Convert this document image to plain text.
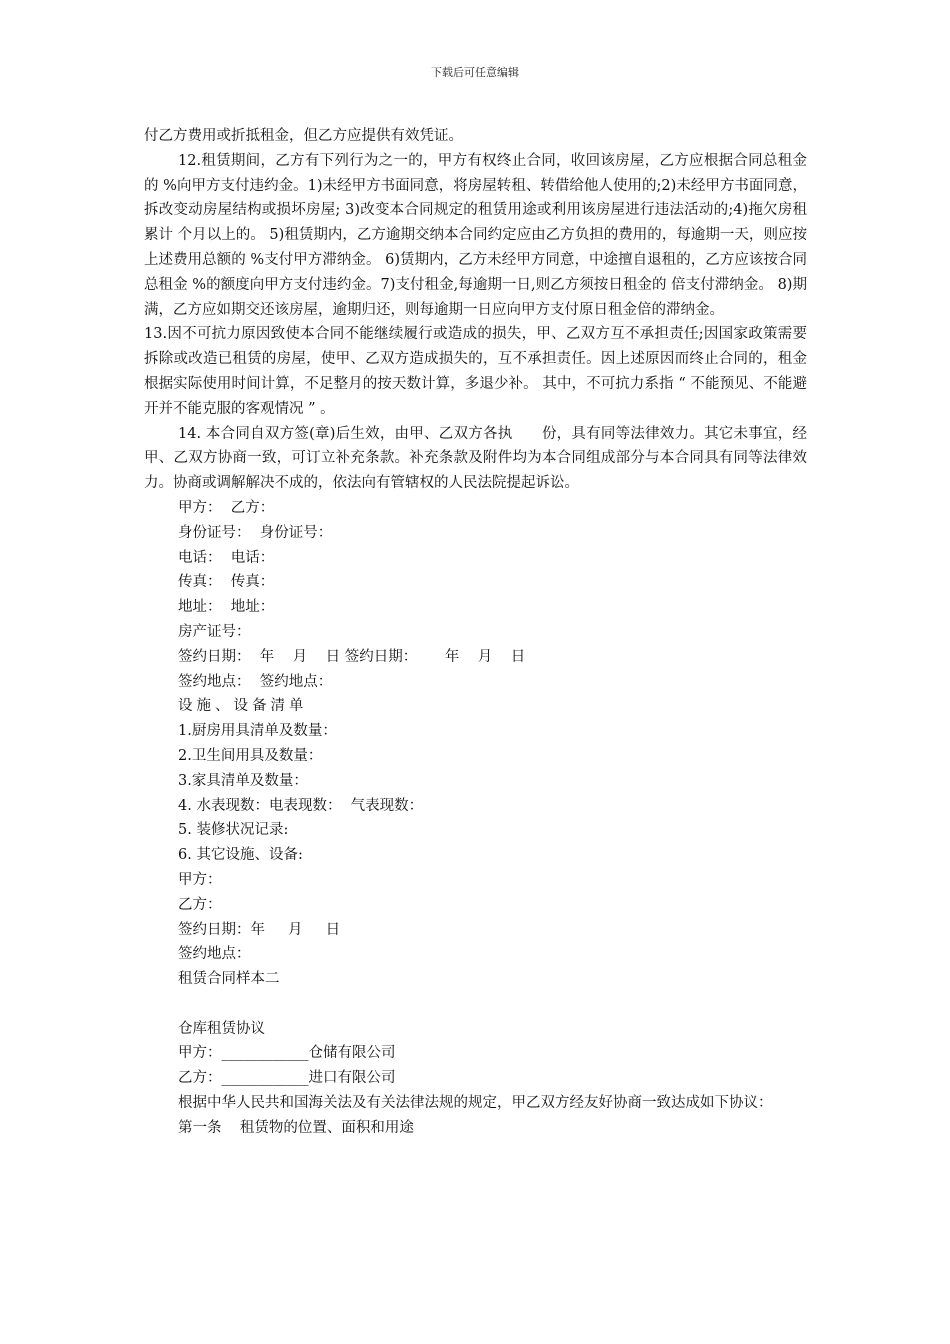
下载后可任意编辑

付乙方费用或折抵租金，但乙方应提供有效凭证。

12.租赁期间，乙方有下列行为之一的，甲方有权终止合同，收回该房屋，乙方应根据合同总租金的 %向甲方支付违约金。1)未经甲方书面同意，将房屋转租、转借给他人使用的;2)未经甲方书面同意，拆改变动房屋结构或损坏房屋; 3)改变本合同规定的租赁用途或利用该房屋进行违法活动的;4)拖欠房租累计 个月以上的。 5)租赁期内，乙方逾期交纳本合同约定应由乙方负担的费用的，每逾期一天，则应按上述费用总额的 %支付甲方滞纳金。 6)赁期内，乙方未经甲方同意，中途擅自退租的，乙方应该按合同总租金 %的额度向甲方支付违约金。7)支付租金,每逾期一日,则乙方须按日租金的 倍支付滞纳金。 8)期满，乙方应如期交还该房屋，逾期归还，则每逾期一日应向甲方支付原日租金倍的滞纳金。

13.因不可抗力原因致使本合同不能继续履行或造成的损失，甲、乙双方互不承担责任;因国家政策需要拆除或改造已租赁的房屋，使甲、乙双方造成损失的，互不承担责任。因上述原因而终止合同的，租金根据实际使用时间计算，不足整月的按天数计算，多退少补。 其中，不可抗力系指 “ 不能预见、不能避开并不能克服的客观情况 ” 。

14. 本合同自双方签(章)后生效，由甲、乙双方各执　　份，具有同等法律效力。其它未事宜，经甲、乙双方协商一致，可订立补充条款。补充条款及附件均为本合同组成部分与本合同具有同等法律效力。协商或调解解决不成的，依法向有管辖权的人民法院提起诉讼。

甲方：  乙方：

身份证号：  身份证号：

电话：  电话：

传真：  传真：

地址：  地址：

房产证号：

签约日期：  年    月    日 签约日期：      年    月    日

签约地点：  签约地点：

设施、设备清单

1.厨房用具清单及数量：

2.卫生间用具及数量：

3.家具清单及数量：

4. 水表现数：电表现数：  气表现数：

5. 装修状况记录:

6. 其它设施、设备:

甲方：

乙方：

签约日期：年     月     日

签约地点：

租赁合同样本二

仓库租赁协议

甲方：____________仓储有限公司

乙方：____________进口有限公司

根据中华人民共和国海关法及有关法律法规的规定，甲乙双方经友好协商一致达成如下协议：

第一条    租赁物的位置、面积和用途
